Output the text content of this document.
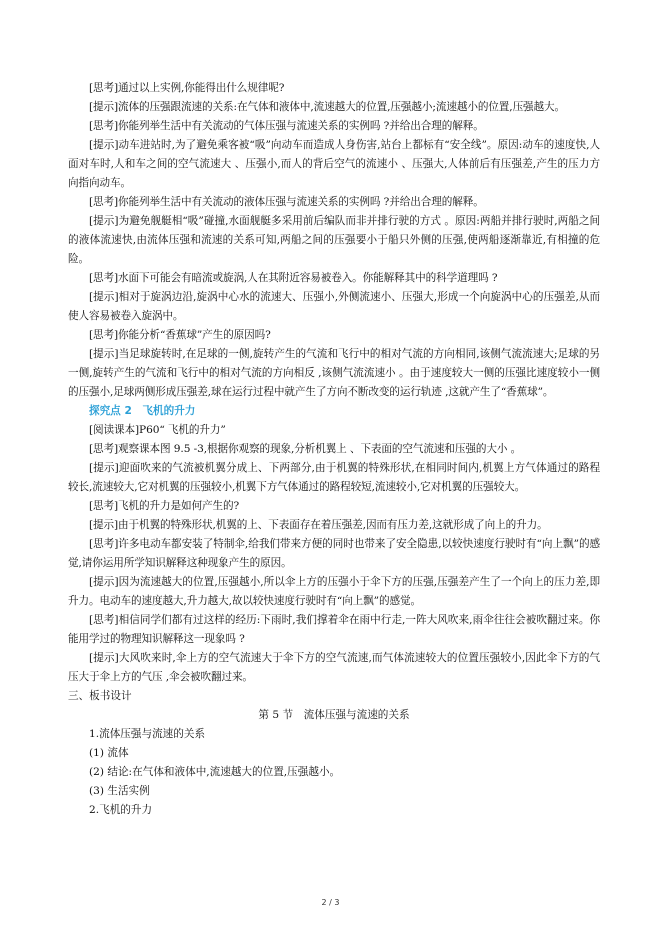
[思考]通过以上实例,你能得出什么规律呢?

[提示]流体的压强跟流速的关系:在气体和液体中,流速越大的位置,压强越小;流速越小的位置,压强越大。

[思考]你能列举生活中有关流动的气体压强与流速关系的实例吗 ?并给出合理的解释。

[提示]动车进站时,为了避免乘客被“吸”向动车而造成人身伤害,站台上都标有“安全线”。原因:动车的速度快,人面对车时,人和车之间的空气流速大 、压强小,而人的背后空气的流速小 、压强大,人体前后有压强差,产生的压力方向指向动车。

[思考]你能列举生活中有关流动的液体压强与流速关系的实例吗 ?并给出合理的解释。

[提示]为避免舰艇相“吸”碰撞,水面舰艇多采用前后编队而非并排行驶的方式 。原因:两船并排行驶时,两船之间的液体流速快,由流体压强和流速的关系可知,两船之间的压强要小于船只外侧的压强,使两船逐渐靠近,有相撞的危险。

[思考]水面下可能会有暗流或旋涡,人在其附近容易被卷入。你能解释其中的科学道理吗 ?

[提示]相对于旋涡边沿,旋涡中心水的流速大、压强小,外侧流速小、压强大,形成一个向旋涡中心的压强差,从而使人容易被卷入旋涡中。

[思考]你能分析“香蕉球”产生的原因吗?

[提示]当足球旋转时,在足球的一侧,旋转产生的气流和飞行中的相对气流的方向相同,该侧气流流速大;足球的另一侧,旋转产生的气流和飞行中的相对气流的方向相反 ,该侧气流流速小 。由于速度较大一侧的压强比速度较小一侧的压强小,足球两侧形成压强差,球在运行过程中就产生了方向不断改变的运行轨迹 ,这就产生了“香蕉球”。

探究点 2　飞机的升力

[阅读课本]P60“ 飞机的升力”

[思考]观察课本图 9.5 -3,根据你观察的现象,分析机翼上 、下表面的空气流速和压强的大小 。

[提示]迎面吹来的气流被机翼分成上、下两部分,由于机翼的特殊形状,在相同时间内,机翼上方气体通过的路程较长,流速较大,它对机翼的压强较小,机翼下方气体通过的路程较短,流速较小,它对机翼的压强较大。

[思考]飞机的升力是如何产生的?

[提示]由于机翼的特殊形状,机翼的上、下表面存在着压强差,因而有压力差,这就形成了向上的升力。

[思考]许多电动车都安装了特制伞,给我们带来方便的同时也带来了安全隐患,以较快速度行驶时有“向上飘”的感觉,请你运用所学知识解释这种现象产生的原因。

[提示]因为流速越大的位置,压强越小,所以伞上方的压强小于伞下方的压强,压强差产生了一个向上的压力差,即升力。电动车的速度越大,升力越大,故以较快速度行驶时有“向上飘”的感觉。

[思考]相信同学们都有过这样的经历:下雨时,我们撑着伞在雨中行走,一阵大风吹来,雨伞往往会被吹翻过来。你能用学过的物理知识解释这一现象吗 ?

[提示]大风吹来时,伞上方的空气流速大于伞下方的空气流速,而气体流速较大的位置压强较小,因此伞下方的气压大于伞上方的气压 ,伞会被吹翻过来。

三、板书设计

第 5 节　流体压强与流速的关系

1.流体压强与流速的关系

(1) 流体

(2) 结论:在气体和液体中,流速越大的位置,压强越小。

(3) 生活实例

2.飞机的升力

2 / 3
